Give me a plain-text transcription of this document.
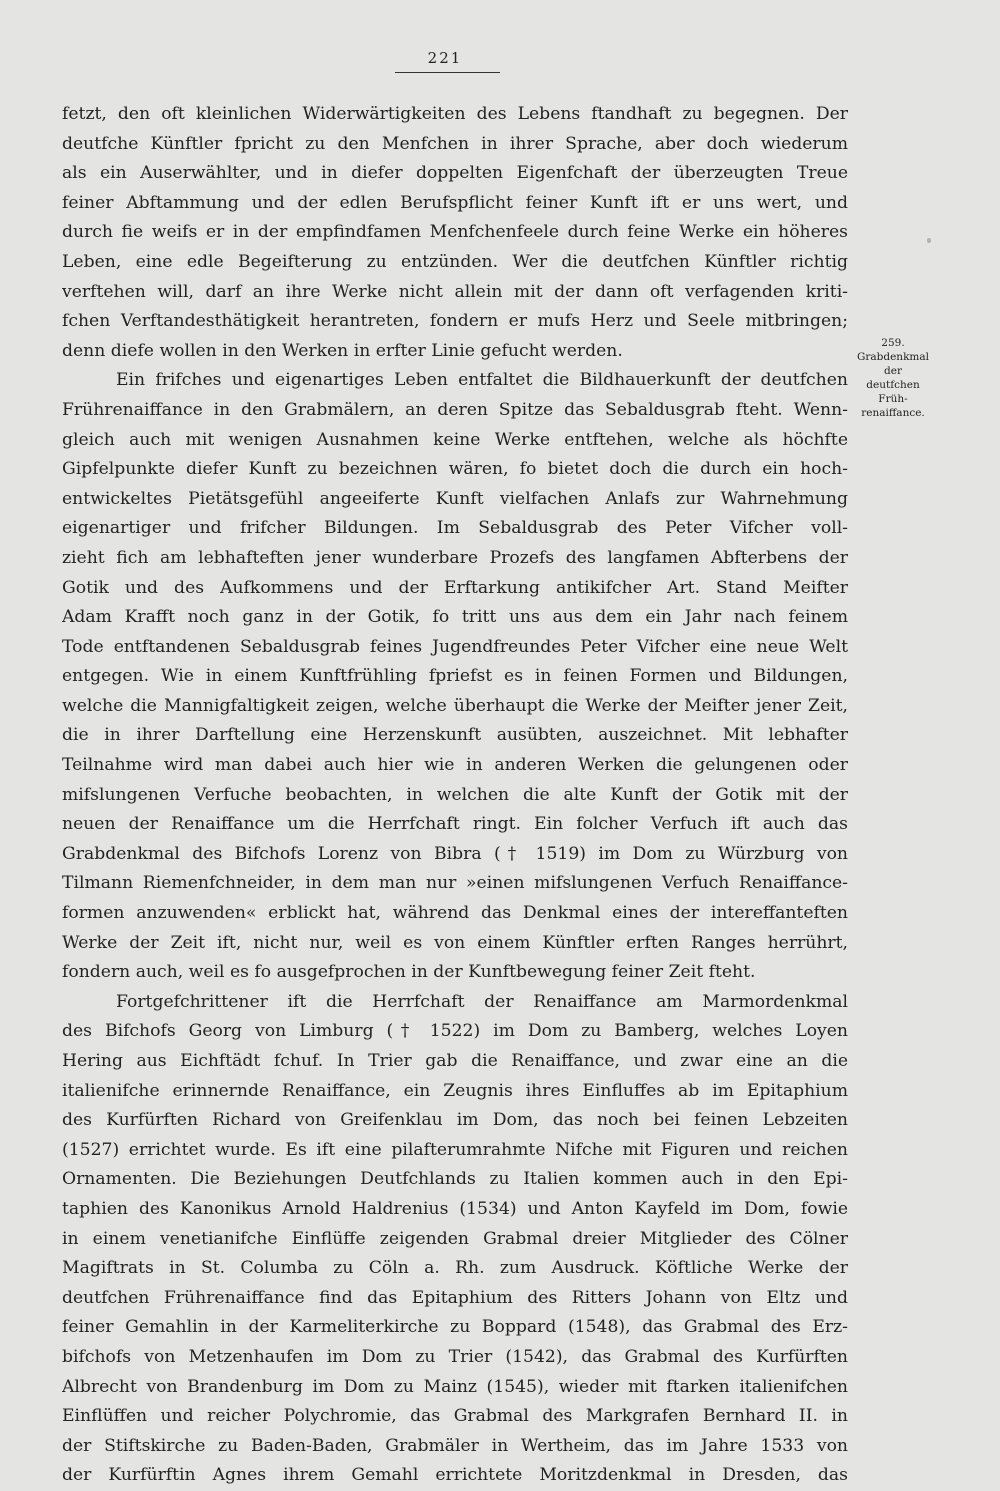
221
fetzt, den oft kleinlichen Widerwärtigkeiten des Lebens ftandhaft zu begegnen. Der
deutfche Künftler fpricht zu den Menfchen in ihrer Sprache, aber doch wiederum
als ein Auserwählter, und in diefer doppelten Eigenfchaft der überzeugten Treue
feiner Abftammung und der edlen Berufspflicht feiner Kunft ift er uns wert, und
durch fie weifs er in der empfindfamen Menfchenfeele durch feine Werke ein höheres
Leben, eine edle Begeifterung zu entzünden. Wer die deutfchen Künftler richtig
verftehen will, darf an ihre Werke nicht allein mit der dann oft verfagenden kriti-
fchen Verftandesthätigkeit herantreten, fondern er mufs Herz und Seele mitbringen;
denn diefe wollen in den Werken in erfter Linie gefucht werden.
Ein frifches und eigenartiges Leben entfaltet die Bildhauerkunft der deutfchen
Frührenaiffance in den Grabmälern, an deren Spitze das Sebaldusgrab fteht. Wenn-
gleich auch mit wenigen Ausnahmen keine Werke entftehen, welche als höchfte
Gipfelpunkte diefer Kunft zu bezeichnen wären, fo bietet doch die durch ein hoch-
entwickeltes Pietätsgefühl angeeiferte Kunft vielfachen Anlafs zur Wahrnehmung
eigenartiger und frifcher Bildungen. Im Sebaldusgrab des Peter Vifcher voll-
zieht fich am lebhafteften jener wunderbare Prozefs des langfamen Abfterbens der
Gotik und des Aufkommens und der Erftarkung antikifcher Art. Stand Meifter
Adam Krafft noch ganz in der Gotik, fo tritt uns aus dem ein Jahr nach feinem
Tode entftandenen Sebaldusgrab feines Jugendfreundes Peter Vifcher eine neue Welt
entgegen. Wie in einem Kunftfrühling fpriefst es in feinen Formen und Bildungen,
welche die Mannigfaltigkeit zeigen, welche überhaupt die Werke der Meifter jener Zeit,
die in ihrer Darftellung eine Herzenskunft ausübten, auszeichnet. Mit lebhafter
Teilnahme wird man dabei auch hier wie in anderen Werken die gelungenen oder
mifslungenen Verfuche beobachten, in welchen die alte Kunft der Gotik mit der
neuen der Renaiffance um die Herrfchaft ringt. Ein folcher Verfuch ift auch das
Grabdenkmal des Bifchofs Lorenz von Bibra († 1519) im Dom zu Würzburg von
Tilmann Riemenfchneider, in dem man nur »einen mifslungenen Verfuch Renaiffance-
formen anzuwenden« erblickt hat, während das Denkmal eines der intereffanteften
Werke der Zeit ift, nicht nur, weil es von einem Künftler erften Ranges herrührt,
fondern auch, weil es fo ausgefprochen in der Kunftbewegung feiner Zeit fteht.
Fortgefchrittener ift die Herrfchaft der Renaiffance am Marmordenkmal
des Bifchofs Georg von Limburg († 1522) im Dom zu Bamberg, welches Loyen
Hering aus Eichftädt fchuf. In Trier gab die Renaiffance, und zwar eine an die
italienifche erinnernde Renaiffance, ein Zeugnis ihres Einfluffes ab im Epitaphium
des Kurfürften Richard von Greifenklau im Dom, das noch bei feinen Lebzeiten
(1527) errichtet wurde. Es ift eine pilafterumrahmte Nifche mit Figuren und reichen
Ornamenten. Die Beziehungen Deutfchlands zu Italien kommen auch in den Epi-
taphien des Kanonikus Arnold Haldrenius (1534) und Anton Kayfeld im Dom, fowie
in einem venetianifche Einflüffe zeigenden Grabmal dreier Mitglieder des Cölner
Magiftrats in St. Columba zu Cöln a. Rh. zum Ausdruck. Köftliche Werke der
deutfchen Frührenaiffance find das Epitaphium des Ritters Johann von Eltz und
feiner Gemahlin in der Karmeliterkirche zu Boppard (1548), das Grabmal des Erz-
bifchofs von Metzenhaufen im Dom zu Trier (1542), das Grabmal des Kurfürften
Albrecht von Brandenburg im Dom zu Mainz (1545), wieder mit ftarken italienifchen
Einflüffen und reicher Polychromie, das Grabmal des Markgrafen Bernhard II. in
der Stiftskirche zu Baden-Baden, Grabmäler in Wertheim, das im Jahre 1533 von
der Kurfürftin Agnes ihrem Gemahl errichtete Moritzdenkmal in Dresden, das
259.
Grabdenkmal
der
deutfchen
Früh-
renaiffance.
